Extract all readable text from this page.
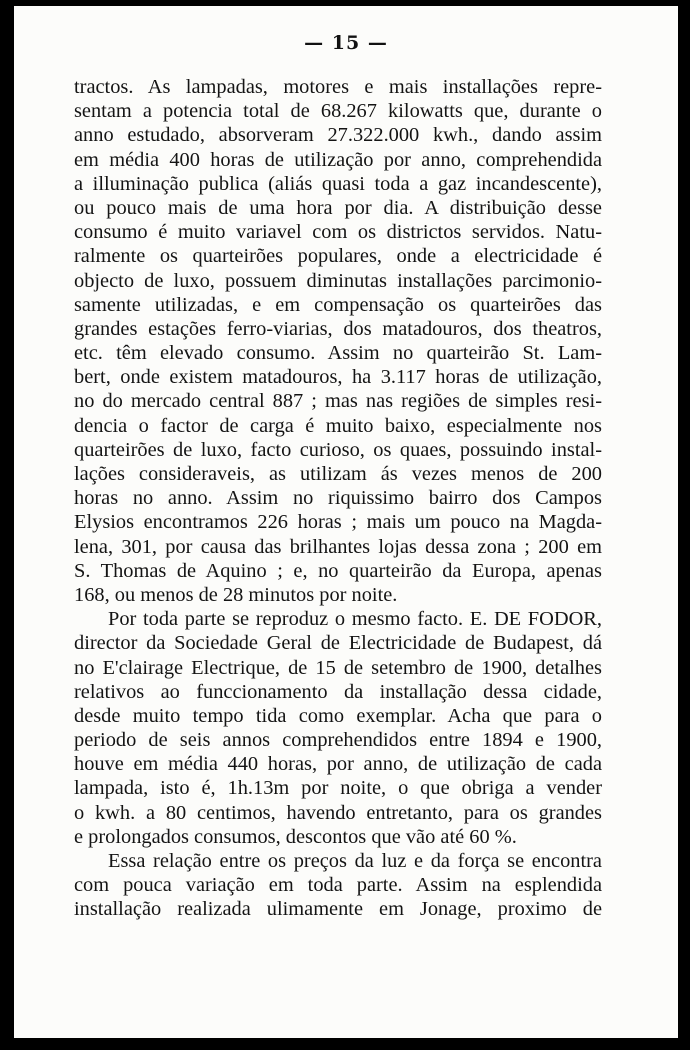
— 15 —
tractos. As lampadas, motores e mais installações repre-
sentam a potencia total de 68.267 kilowatts que, durante o
anno estudado, absorveram 27.322.000 kwh., dando assim
em média 400 horas de utilização por anno, comprehendida
a illuminação publica (aliás quasi toda a gaz incandescente),
ou pouco mais de uma hora por dia. A distribuição desse
consumo é muito variavel com os districtos servidos. Natu-
ralmente os quarteirões populares, onde a electricidade é
objecto de luxo, possuem diminutas installações parcimonio-
samente utilizadas, e em compensação os quarteirões das
grandes estações ferro-viarias, dos matadouros, dos theatros,
etc. têm elevado consumo. Assim no quarteirão St. Lam-
bert, onde existem matadouros, ha 3.117 horas de utilização,
no do mercado central 887 ; mas nas regiões de simples resi-
dencia o factor de carga é muito baixo, especialmente nos
quarteirões de luxo, facto curioso, os quaes, possuindo instal-
lações consideraveis, as utilizam ás vezes menos de 200
horas no anno. Assim no riquissimo bairro dos Campos
Elysios encontramos 226 horas ; mais um pouco na Magda-
lena, 301, por causa das brilhantes lojas dessa zona ; 200 em
S. Thomas de Aquino ; e, no quarteirão da Europa, apenas
168, ou menos de 28 minutos por noite.
Por toda parte se reproduz o mesmo facto. E. DE FODOR,
director da Sociedade Geral de Electricidade de Budapest, dá
no E'clairage Electrique, de 15 de setembro de 1900, detalhes
relativos ao funccionamento da installação dessa cidade,
desde muito tempo tida como exemplar. Acha que para o
periodo de seis annos comprehendidos entre 1894 e 1900,
houve em média 440 horas, por anno, de utilização de cada
lampada, isto é, 1h.13m por noite, o que obriga a vender
o kwh. a 80 centimos, havendo entretanto, para os grandes
e prolongados consumos, descontos que vão até 60 %.
Essa relação entre os preços da luz e da força se encontra
com pouca variação em toda parte. Assim na esplendida
installação realizada ulimamente em Jonage, proximo de
